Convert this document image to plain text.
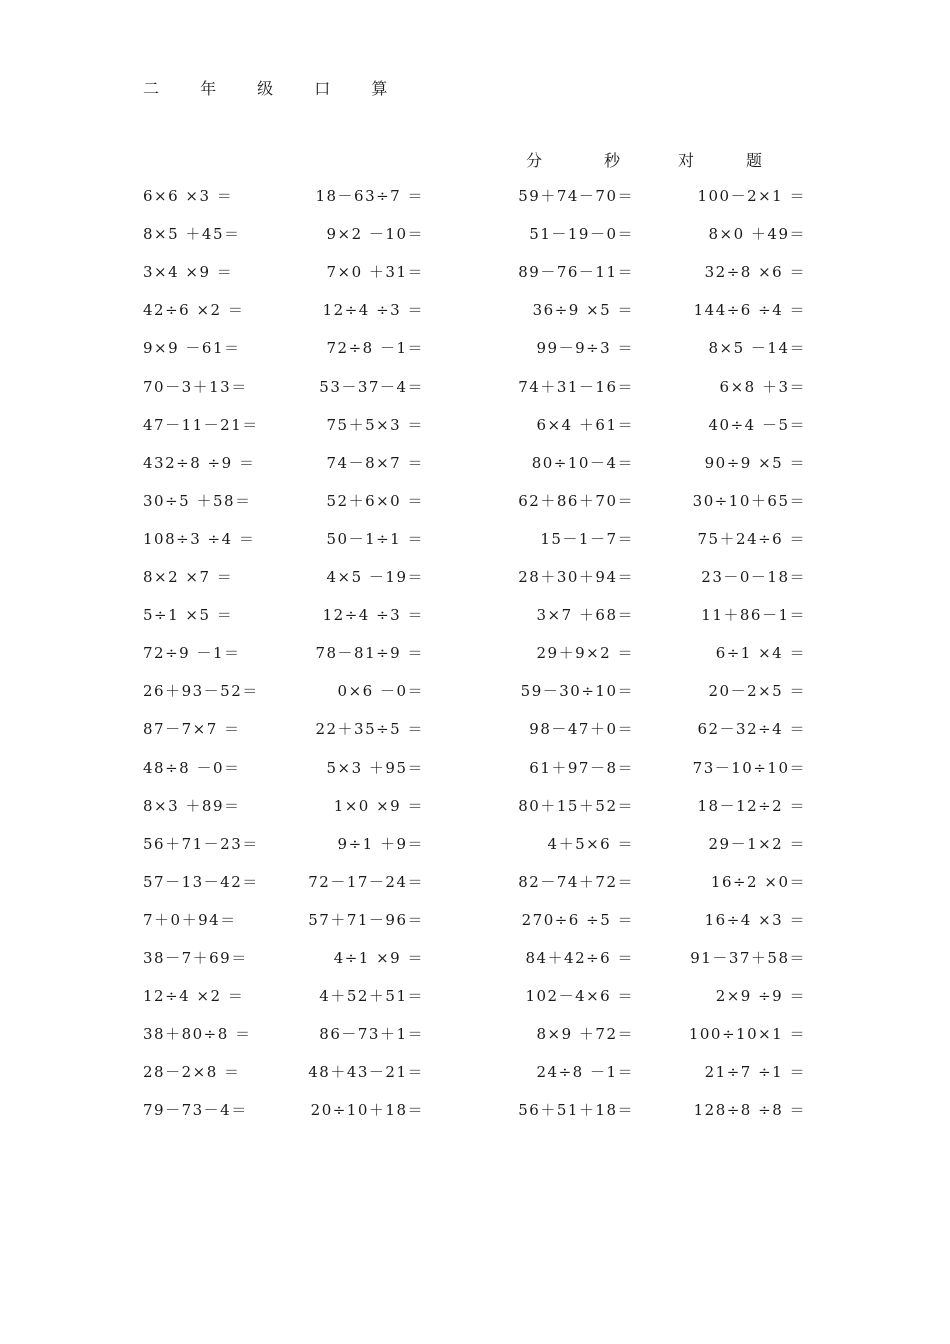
二 年 级 口 算
分	秒	对	题
6×6 ×3 ＝	18－63÷7 ＝	59＋74－70＝	100－2×1 ＝
8×5 ＋45＝	9×2 －10＝	51－19－0＝	8×0 ＋49＝
3×4 ×9 ＝	7×0 ＋31＝	89－76－11＝	32÷8 ×6 ＝
42÷6 ×2 ＝	12÷4 ÷3 ＝	36÷9 ×5 ＝	144÷6 ÷4 ＝
9×9 －61＝	72÷8 －1＝	99－9÷3 ＝	8×5 －14＝
70－3＋13＝	53－37－4＝	74＋31－16＝	6×8 ＋3＝
47－11－21＝	75＋5×3 ＝	6×4 ＋61＝	40÷4 －5＝
432÷8 ÷9 ＝	74－8×7 ＝	80÷10－4＝	90÷9 ×5 ＝
30÷5 ＋58＝	52＋6×0 ＝	62＋86＋70＝	30÷10＋65＝
108÷3 ÷4 ＝	50－1÷1 ＝	15－1－7＝	75＋24÷6 ＝
8×2 ×7 ＝	4×5 －19＝	28＋30＋94＝	23－0－18＝
5÷1 ×5 ＝	12÷4 ÷3 ＝	3×7 ＋68＝	11＋86－1＝
72÷9 －1＝	78－81÷9 ＝	29＋9×2 ＝	6÷1 ×4 ＝
26＋93－52＝	0×6 －0＝	59－30÷10＝	20－2×5 ＝
87－7×7 ＝	22＋35÷5 ＝	98－47＋0＝	62－32÷4 ＝
48÷8 －0＝	5×3 ＋95＝	61＋97－8＝	73－10÷10＝
8×3 ＋89＝	1×0 ×9 ＝	80＋15＋52＝	18－12÷2 ＝
56＋71－23＝	9÷1 ＋9＝	4＋5×6 ＝	29－1×2 ＝
57－13－42＝	72－17－24＝	82－74＋72＝	16÷2 ×0＝
7＋0＋94＝	57＋71－96＝	270÷6 ÷5 ＝	16÷4 ×3 ＝
38－7＋69＝	4÷1 ×9 ＝	84＋42÷6 ＝	91－37＋58＝
12÷4 ×2 ＝	4＋52＋51＝	102－4×6 ＝	2×9 ÷9 ＝
38＋80÷8 ＝	86－73＋1＝	8×9 ＋72＝	100÷10×1 ＝
28－2×8 ＝	48＋43－21＝	24÷8 －1＝	21÷7 ÷1 ＝
79－73－4＝	20÷10＋18＝	56＋51＋18＝	128÷8 ÷8 ＝
